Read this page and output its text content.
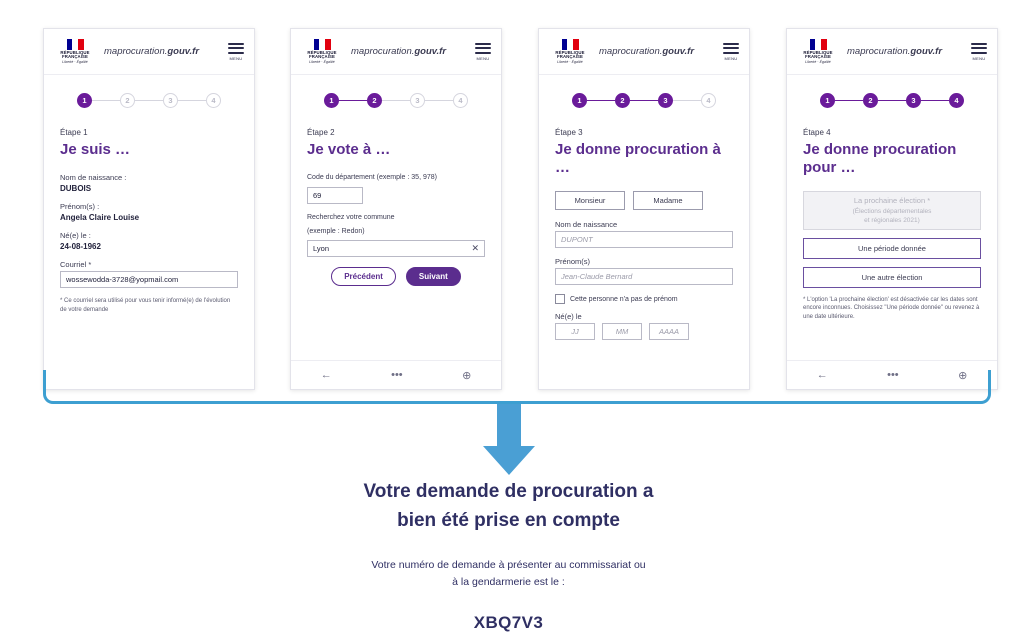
RÉPUBLIQUE
FRANÇAISE
Liberté · Égalité
maprocuration.gouv.fr
MENU
1	2	3	4
Étape 1
Je suis …
Nom de naissance :
DUBOIS
Prénom(s) :
Angela Claire Louise
Né(e) le :
24-08-1962
Courriel *
wossewodda-3728@yopmail.com
* Ce courriel sera utilisé pour vous tenir informé(e) de l'évolution de votre demande
RÉPUBLIQUE
FRANÇAISE
Liberté · Égalité
maprocuration.gouv.fr
MENU
1	2	3	4
Étape 2
Je vote à …
Code du département (exemple : 35, 978)
69
Recherchez votre commune
(exemple : Redon)
Lyon	✕
Précédent	Suivant
←	•••	⊕
RÉPUBLIQUE
FRANÇAISE
Liberté · Égalité
maprocuration.gouv.fr
MENU
1	2	3	4
Étape 3
Je donne procuration à …
Monsieur	Madame
Nom de naissance
DUPONT
Prénom(s)
Jean-Claude Bernard
Cette personne n'a pas de prénom
Né(e) le
JJ	MM	AAAA
RÉPUBLIQUE
FRANÇAISE
Liberté · Égalité
maprocuration.gouv.fr
MENU
1	2	3	4
Étape 4
Je donne procuration pour …
La prochaine élection *
(Élections départementales
et régionales 2021)
Une période donnée
Une autre élection
* L'option 'La prochaine élection' est désactivée car les dates sont encore inconnues. Choisissez "Une période donnée" ou revenez à une date ultérieure.
←	•••	⊕
Votre demande de procuration a
bien été prise en compte

Votre numéro de demande à présenter au commissariat ou
à la gendarmerie est le :

XBQ7V3
